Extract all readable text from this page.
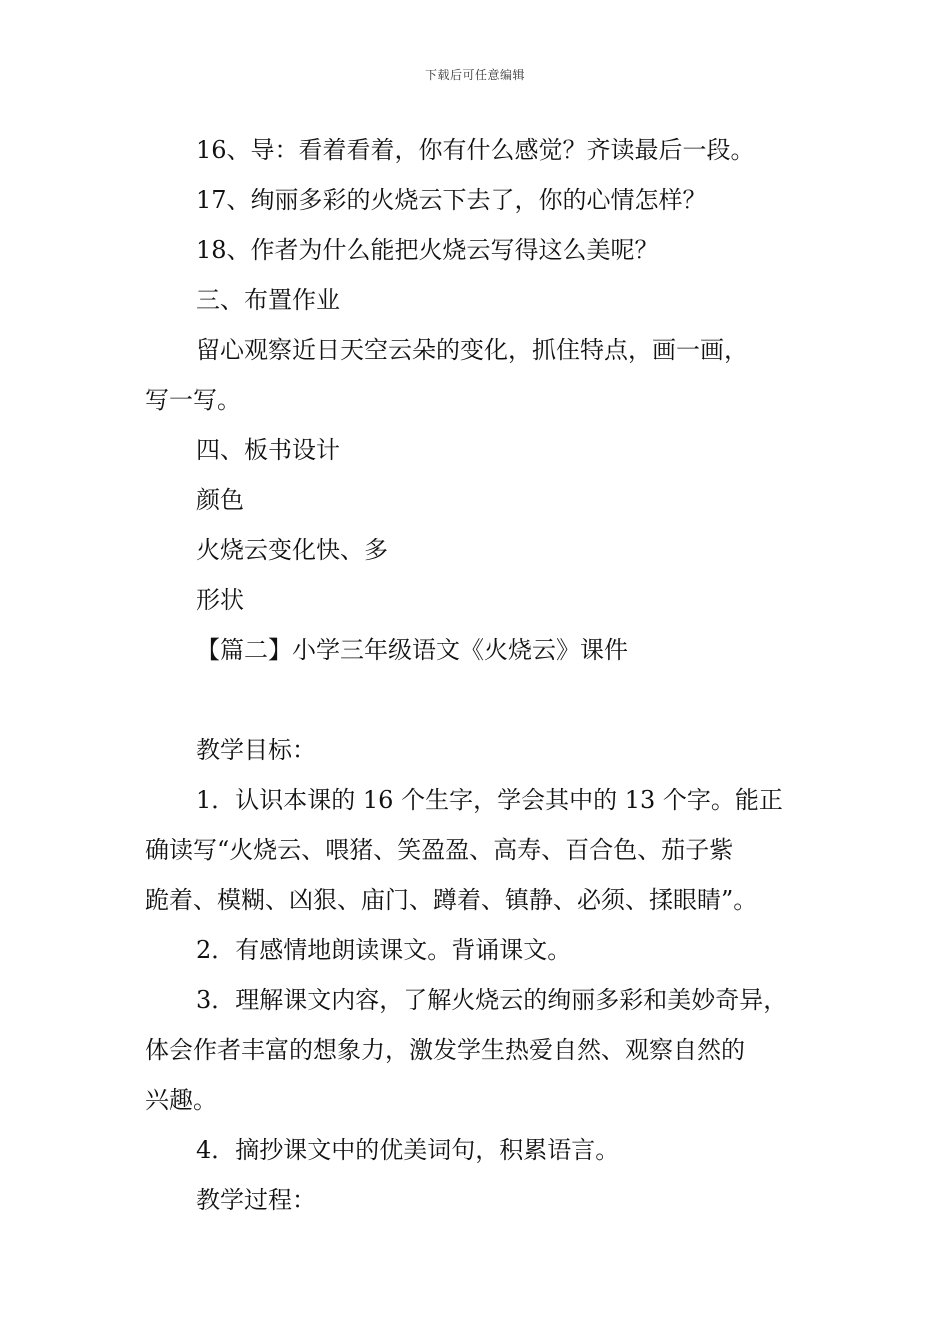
下载后可任意编辑

16、导：看着看着，你有什么感觉？齐读最后一段。

17、绚丽多彩的火烧云下去了，你的心情怎样？

18、作者为什么能把火烧云写得这么美呢？

三、布置作业

留心观察近日天空云朵的变化，抓住特点，画一画，

写一写。

四、板书设计

颜色

火烧云变化快、多

形状

【篇二】小学三年级语文《火烧云》课件

教学目标：

1．认识本课的 16 个生字，学会其中的 13 个字。能正

确读写“火烧云、喂猪、笑盈盈、高寿、百合色、茄子紫

跪着、模糊、凶狠、庙门、蹲着、镇静、必须、揉眼睛”。

2．有感情地朗读课文。背诵课文。

3．理解课文内容，了解火烧云的绚丽多彩和美妙奇异，

体会作者丰富的想象力，激发学生热爱自然、观察自然的

兴趣。

4．摘抄课文中的优美词句，积累语言。

教学过程：
